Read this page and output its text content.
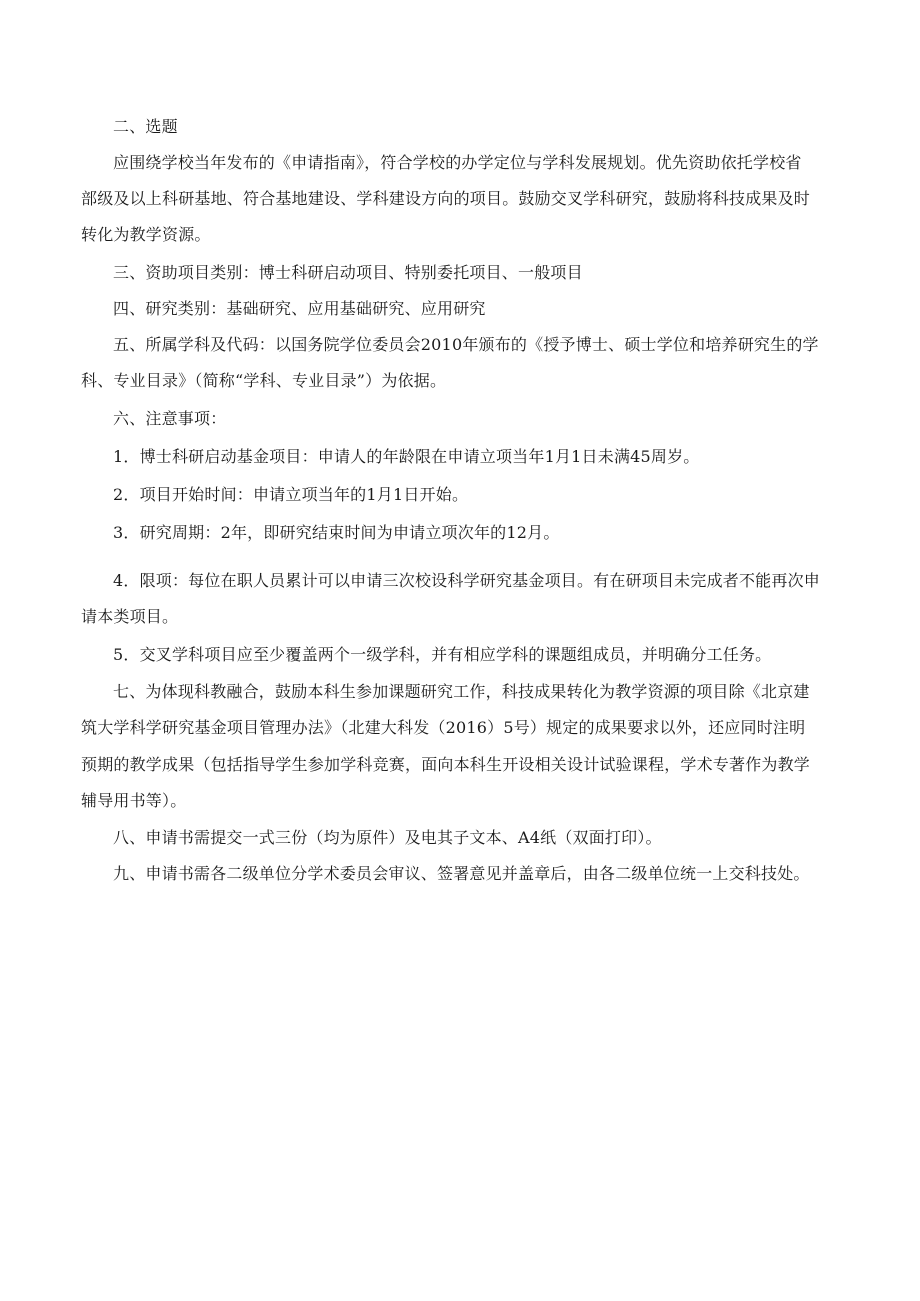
二、选题
应围绕学校当年发布的《申请指南》，符合学校的办学定位与学科发展规划。优先资助依托学校省
部级及以上科研基地、符合基地建设、学科建设方向的项目。鼓励交叉学科研究，鼓励将科技成果及时
转化为教学资源。
三、资助项目类别：博士科研启动项目、特别委托项目、一般项目
四、研究类别：基础研究、应用基础研究、应用研究
五、所属学科及代码：以国务院学位委员会2010年颁布的《授予博士、硕士学位和培养研究生的学
科、专业目录》（简称“学科、专业目录”）为依据。
六、注意事项：
1．博士科研启动基金项目：申请人的年龄限在申请立项当年1月1日未满45周岁。
2．项目开始时间：申请立项当年的1月1日开始。
3．研究周期：2年，即研究结束时间为申请立项次年的12月。
4．限项：每位在职人员累计可以申请三次校设科学研究基金项目。有在研项目未完成者不能再次申
请本类项目。
5．交叉学科项目应至少覆盖两个一级学科，并有相应学科的课题组成员，并明确分工任务。
七、为体现科教融合，鼓励本科生参加课题研究工作，科技成果转化为教学资源的项目除《北京建
筑大学科学研究基金项目管理办法》（北建大科发（2016）5号）规定的成果要求以外，还应同时注明
预期的教学成果（包括指导学生参加学科竞赛，面向本科生开设相关设计试验课程，学术专著作为教学
辅导用书等）。
八、申请书需提交一式三份（均为原件）及电其子文本、A4纸（双面打印）。
九、申请书需各二级单位分学术委员会审议、签署意见并盖章后，由各二级单位统一上交科技处。
